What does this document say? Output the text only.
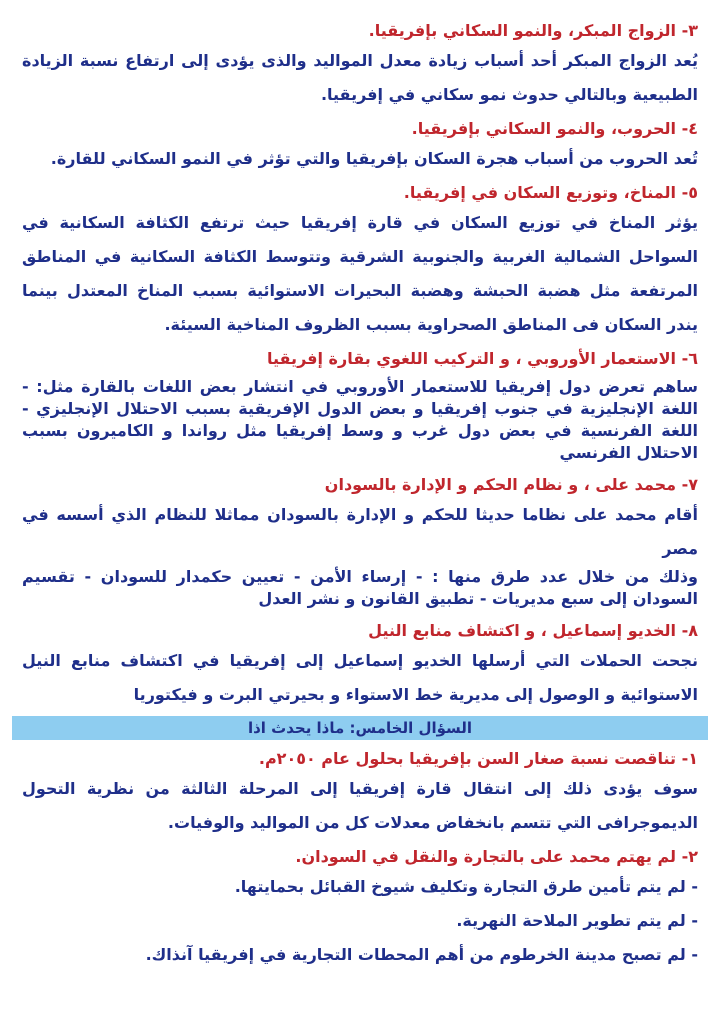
٣- الزواج المبكر، والنمو السكاني بإفريقيا.

يُعد الزواج المبكر أحد أسباب زيادة معدل المواليد والذى يؤدى إلى ارتفاع نسبة الزيادة الطبيعية وبالتالي حدوث نمو سكاني في إفريقيا.

٤- الحروب، والنمو السكاني بإفريقيا.

تُعد الحروب من أسباب هجرة السكان بإفريقيا والتي تؤثر في النمو السكاني للقارة.

٥- المناخ، وتوزيع السكان في إفريقيا.

يؤثر المناخ في توزيع السكان في قارة إفريقيا حيث ترتفع الكثافة السكانية في السواحل الشمالية الغربية والجنوبية الشرقية وتتوسط الكثافة السكانية في المناطق المرتفعة مثل هضبة الحبشة وهضبة البحيرات الاستوائية بسبب المناخ المعتدل بينما يندر السكان فى المناطق الصحراوية بسبب الظروف المناخية السيئة.

٦- الاستعمار الأوروبي ، و التركيب اللغوي بقارة إفريقيا

ساهم تعرض دول إفريقيا للاستعمار الأوروبي في انتشار بعض اللغات بالقارة مثل: - اللغة الإنجليزية في جنوب إفريقيا و بعض الدول الإفريقية بسبب الاحتلال الإنجليزي - اللغة الفرنسية في بعض دول غرب و وسط إفريقيا مثل رواندا و الكاميرون بسبب الاحتلال الفرنسي

٧- محمد على ، و نظام الحكم و الإدارة بالسودان

أقام محمد على نظاما حديثا للحكم و الإدارة بالسودان مماثلا للنظام الذي أسسه في مصر

وذلك من خلال عدد طرق منها : - إرساء الأمن - تعيين حكمدار للسودان - تقسيم السودان إلى سبع مديريات - تطبيق القانون و نشر العدل

٨- الخديو إسماعيل ، و اكتشاف منابع النيل

نجحت الحملات التي أرسلها الخديو إسماعيل إلى إفريقيا في اكتشاف منابع النيل الاستوائية و الوصول إلى مديرية خط الاستواء و بحيرتي البرت و فيكتوريا

السؤال الخامس: ماذا يحدث اذا

١- تناقصت نسبة صغار السن بإفريقيا بحلول عام ٢٠٥٠م.

سوف يؤدى ذلك إلى انتقال قارة إفريقيا إلى المرحلة الثالثة من نظرية التحول الديموجرافى التي تتسم بانخفاض معدلات كل من المواليد والوفيات.

٢- لم يهتم محمد على بالتجارة والنقل في السودان.

- لم يتم تأمين طرق التجارة وتكليف شيوخ القبائل بحمايتها.

- لم يتم تطوير الملاحة النهرية.

- لم تصبح مدينة الخرطوم من أهم المحطات التجارية في إفريقيا آنذاك.
